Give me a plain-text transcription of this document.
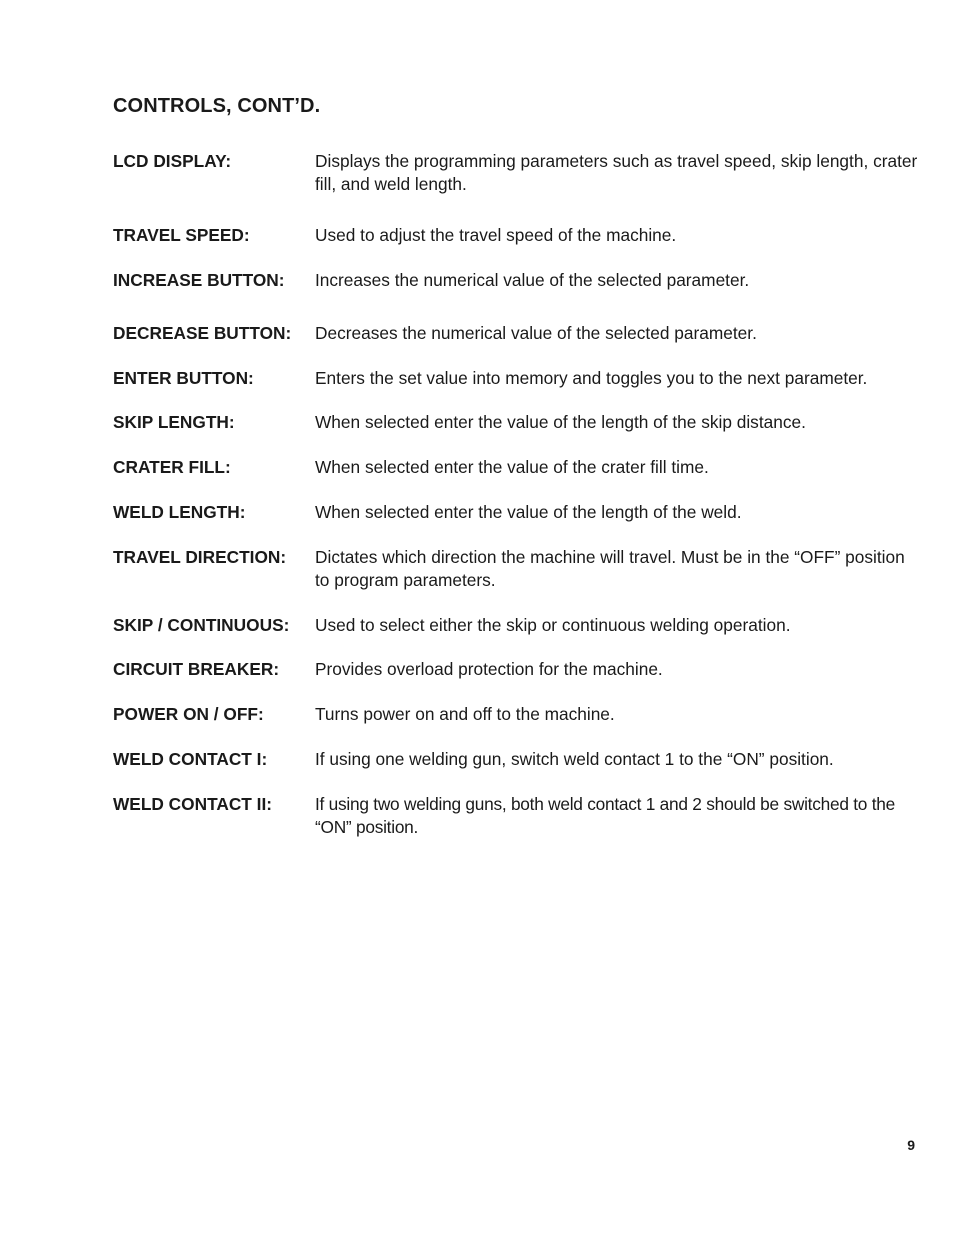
CONTROLS, CONT’D.
LCD DISPLAY:	Displays the programming parameters such as travel speed, skip length, crater fill, and weld length.
TRAVEL SPEED:	Used to adjust the travel speed of the machine.
INCREASE BUTTON:	Increases the numerical value of the selected parameter.
DECREASE BUTTON:	Decreases the numerical value of the selected parameter.
ENTER BUTTON:	Enters the set value into memory and toggles you to the next parameter.
SKIP LENGTH:	When selected enter the value of the length of the skip distance.
CRATER FILL:	When selected enter the value of the crater fill time.
WELD LENGTH:	When selected enter the value of the length of the weld.
TRAVEL DIRECTION:	Dictates which direction the machine will travel. Must be in the “OFF” position to program parameters.
SKIP / CONTINUOUS:	Used to select either the skip or continuous welding operation.
CIRCUIT BREAKER:	Provides overload protection for the machine.
POWER ON / OFF:	Turns power on and off to the machine.
WELD CONTACT I:	If using one welding gun, switch weld contact 1 to the “ON” position.
WELD CONTACT II:	If using two welding guns, both weld contact 1 and 2 should be switched to the “ON” position.
9
